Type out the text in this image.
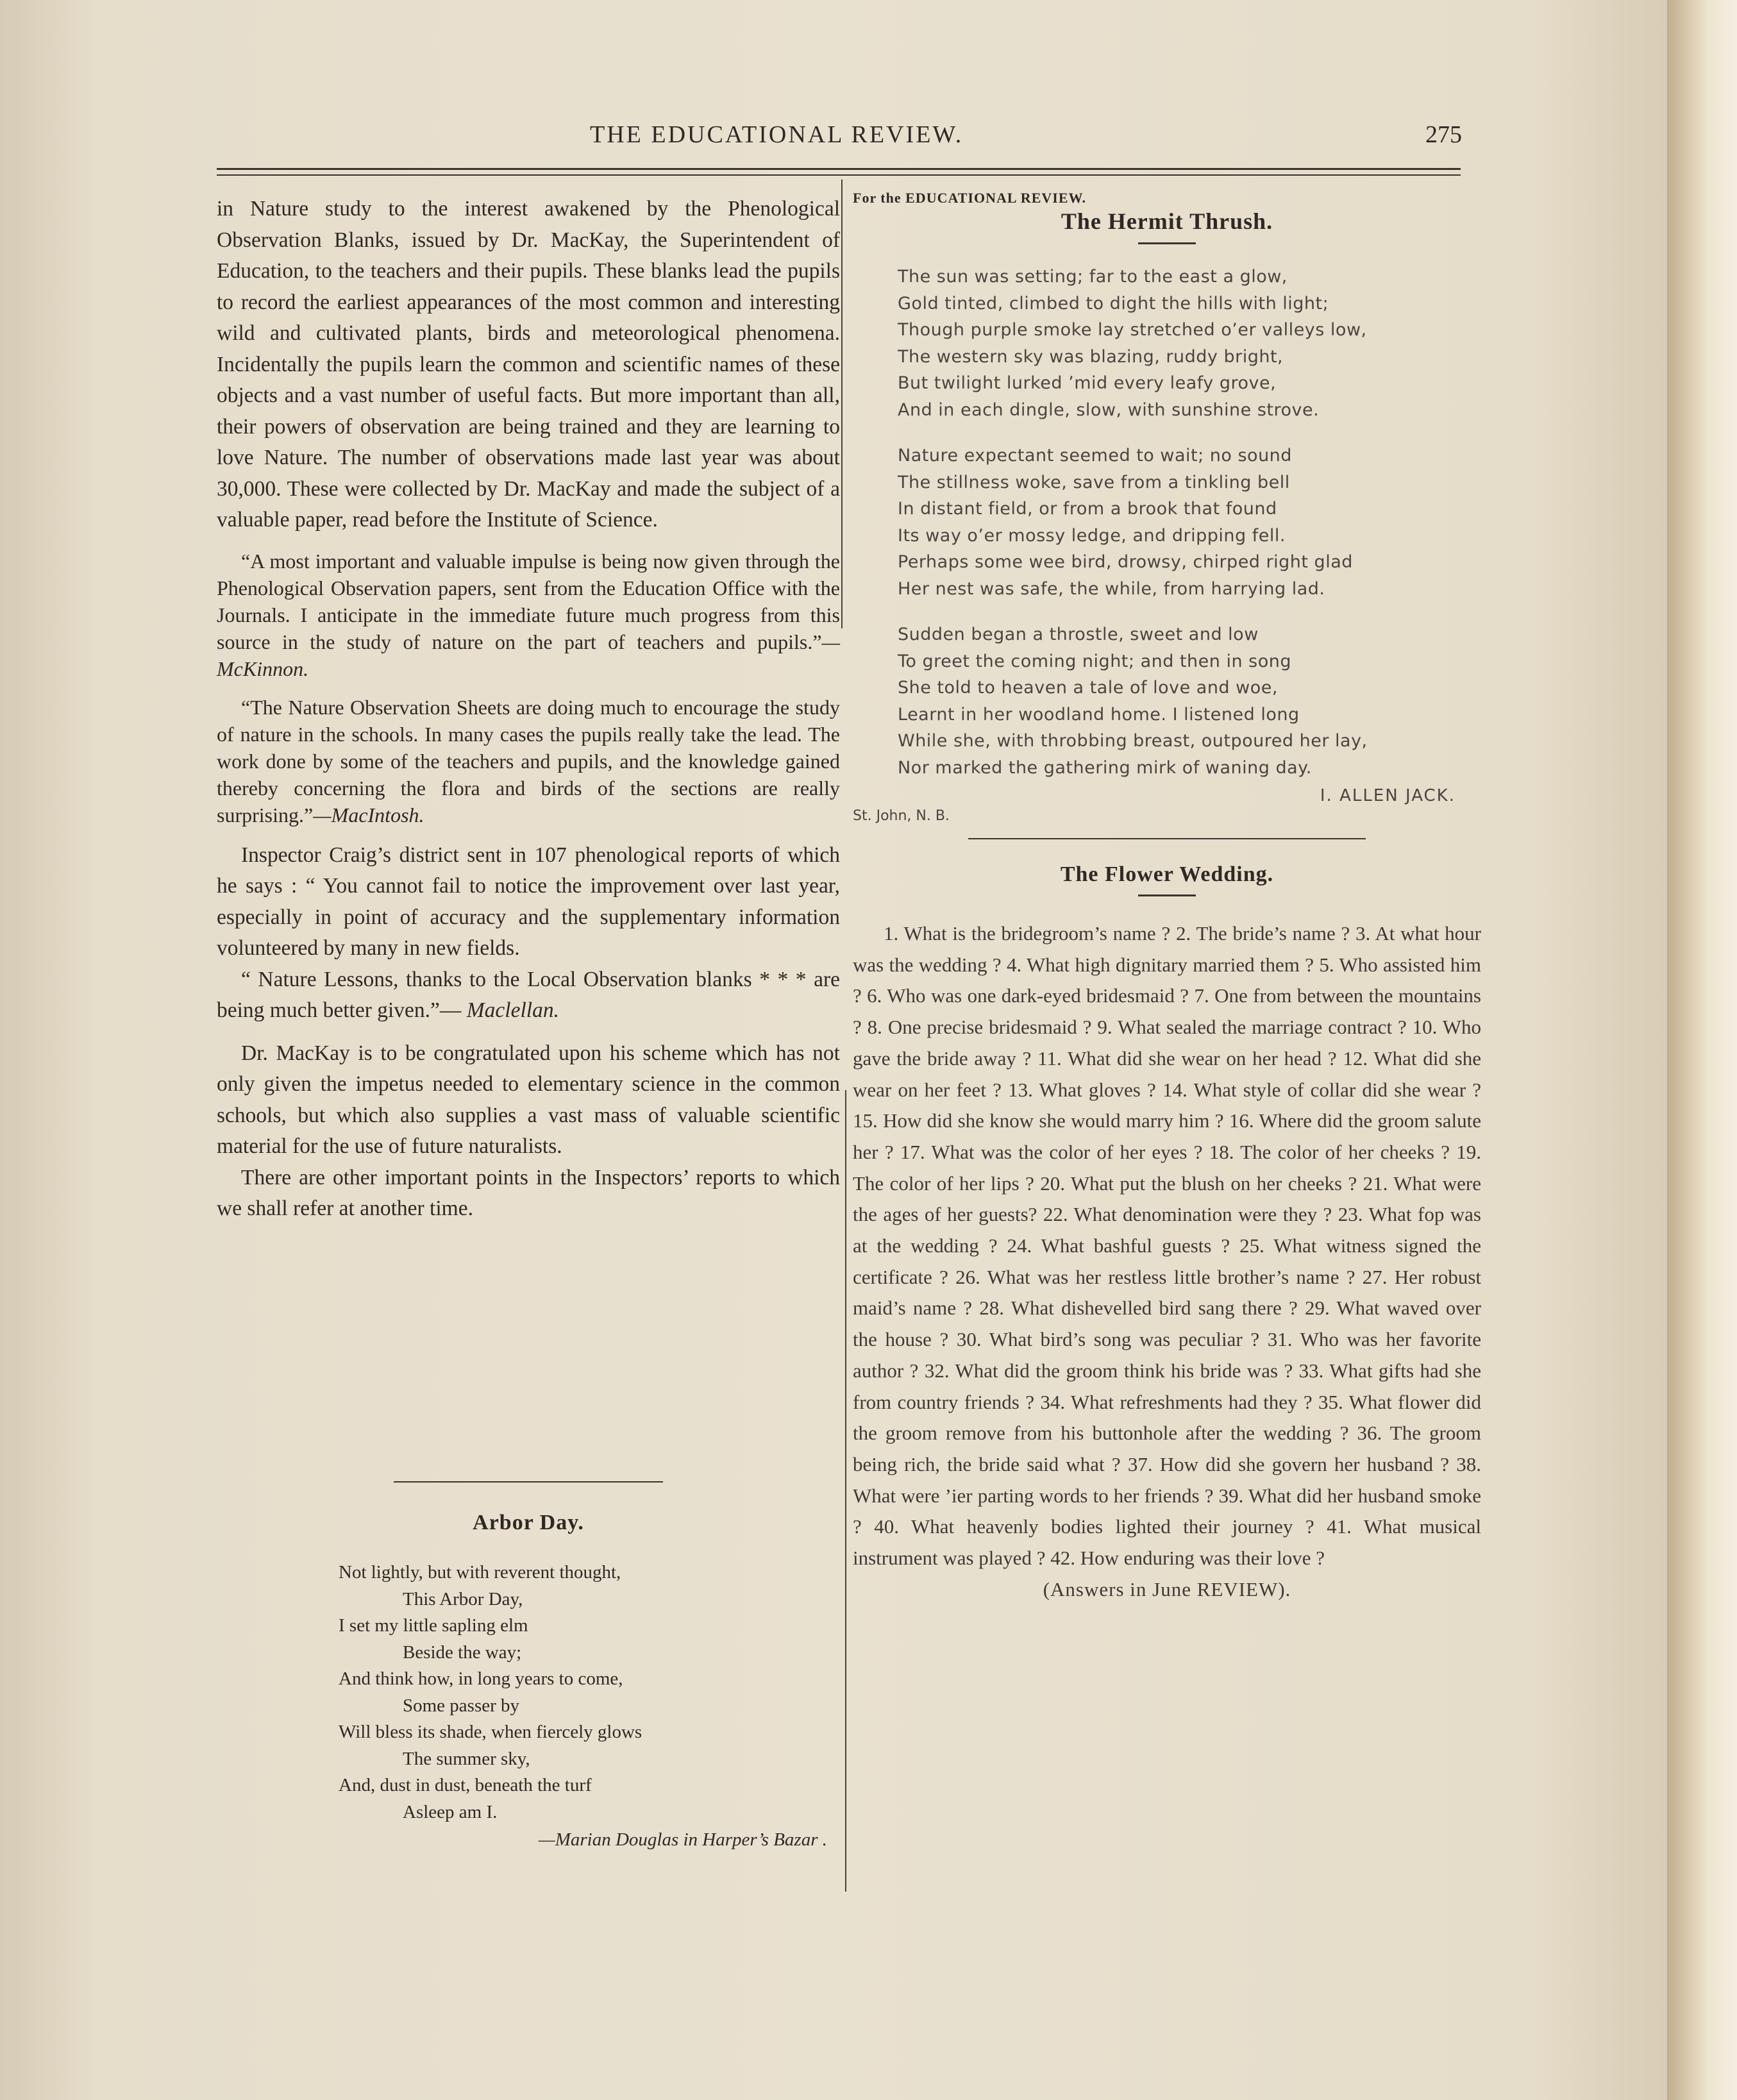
THE EDUCATIONAL REVIEW.	275

in Nature study to the interest awakened by the Phenological Observation Blanks, issued by Dr. MacKay, the Superintendent of Education, to the teachers and their pupils. These blanks lead the pupils to record the earliest appearances of the most common and interesting wild and cultivated plants, birds and meteorological phenomena. Incidentally the pupils learn the common and scientific names of these objects and a vast number of useful facts. But more important than all, their powers of observation are being trained and they are learning to love Nature. The number of observations made last year was about 30,000. These were collected by Dr. MacKay and made the subject of a valuable paper, read before the Institute of Science.

“A most important and valuable impulse is being now given through the Phenological Observation papers, sent from the Education Office with the Journals. I anticipate in the immediate future much progress from this source in the study of nature on the part of teachers and pupils.”—McKinnon.

“The Nature Observation Sheets are doing much to encourage the study of nature in the schools. In many cases the pupils really take the lead. The work done by some of the teachers and pupils, and the knowledge gained thereby concerning the flora and birds of the sections are really surprising.”—MacIntosh.

Inspector Craig’s district sent in 107 phenological reports of which he says : “ You cannot fail to notice the improvement over last year, especially in point of accuracy and the supplementary information volunteered by many in new fields.

“ Nature Lessons, thanks to the Local Observation blanks * * * are being much better given.”— Maclellan.

Dr. MacKay is to be congratulated upon his scheme which has not only given the impetus needed to elementary science in the common schools, but which also supplies a vast mass of valuable scientific material for the use of future naturalists.

There are other important points in the Inspectors’ reports to which we shall refer at another time.

Arbor Day.
Not lightly, but with reverent thought,
This Arbor Day,
I set my little sapling elm
Beside the way;
And think how, in long years to come,
Some passer by
Will bless its shade, when fiercely glows
The summer sky,
And, dust in dust, beneath the turf
Asleep am I.
—Marian Douglas in Harper’s Bazar .
For the EDUCATIONAL REVIEW.
The Hermit Thrush.
The sun was setting; far to the east a glow,
Gold tinted, climbed to dight the hills with light;
Though purple smoke lay stretched o’er valleys low,
The western sky was blazing, ruddy bright,
But twilight lurked ’mid every leafy grove,
And in each dingle, slow, with sunshine strove.
Nature expectant seemed to wait; no sound
The stillness woke, save from a tinkling bell
In distant field, or from a brook that found
Its way o’er mossy ledge, and dripping fell.
Perhaps some wee bird, drowsy, chirped right glad
Her nest was safe, the while, from harrying lad.
Sudden began a throstle, sweet and low
To greet the coming night; and then in song
She told to heaven a tale of love and woe,
Learnt in her woodland home. I listened long
While she, with throbbing breast, outpoured her lay,
Nor marked the gathering mirk of waning day.
I. ALLEN JACK.
St. John, N. B.
The Flower Wedding.
1. What is the bridegroom’s name ? 2. The bride’s name ? 3. At what hour was the wedding ? 4. What high dignitary married them ? 5. Who assisted him ? 6. Who was one dark-eyed bridesmaid ? 7. One from between the mountains ? 8. One precise bridesmaid ? 9. What sealed the marriage contract ? 10. Who gave the bride away ? 11. What did she wear on her head ? 12. What did she wear on her feet ? 13. What gloves ? 14. What style of collar did she wear ? 15. How did she know she would marry him ? 16. Where did the groom salute her ? 17. What was the color of her eyes ? 18. The color of her cheeks ? 19. The color of her lips ? 20. What put the blush on her cheeks ? 21. What were the ages of her guests? 22. What denomination were they ? 23. What fop was at the wedding ? 24. What bashful guests ? 25. What witness signed the certificate ? 26. What was her restless little brother’s name ? 27. Her robust maid’s name ? 28. What dishevelled bird sang there ? 29. What waved over the house ? 30. What bird’s song was peculiar ? 31. Who was her favorite author ? 32. What did the groom think his bride was ? 33. What gifts had she from country friends ? 34. What refreshments had they ? 35. What flower did the groom remove from his buttonhole after the wedding ? 36. The groom being rich, the bride said what ? 37. How did she govern her husband ? 38. What were ’ier parting words to her friends ? 39. What did her husband smoke ? 40. What heavenly bodies lighted their journey ? 41. What musical instrument was played ? 42. How enduring was their love ?
(Answers in June REVIEW).
